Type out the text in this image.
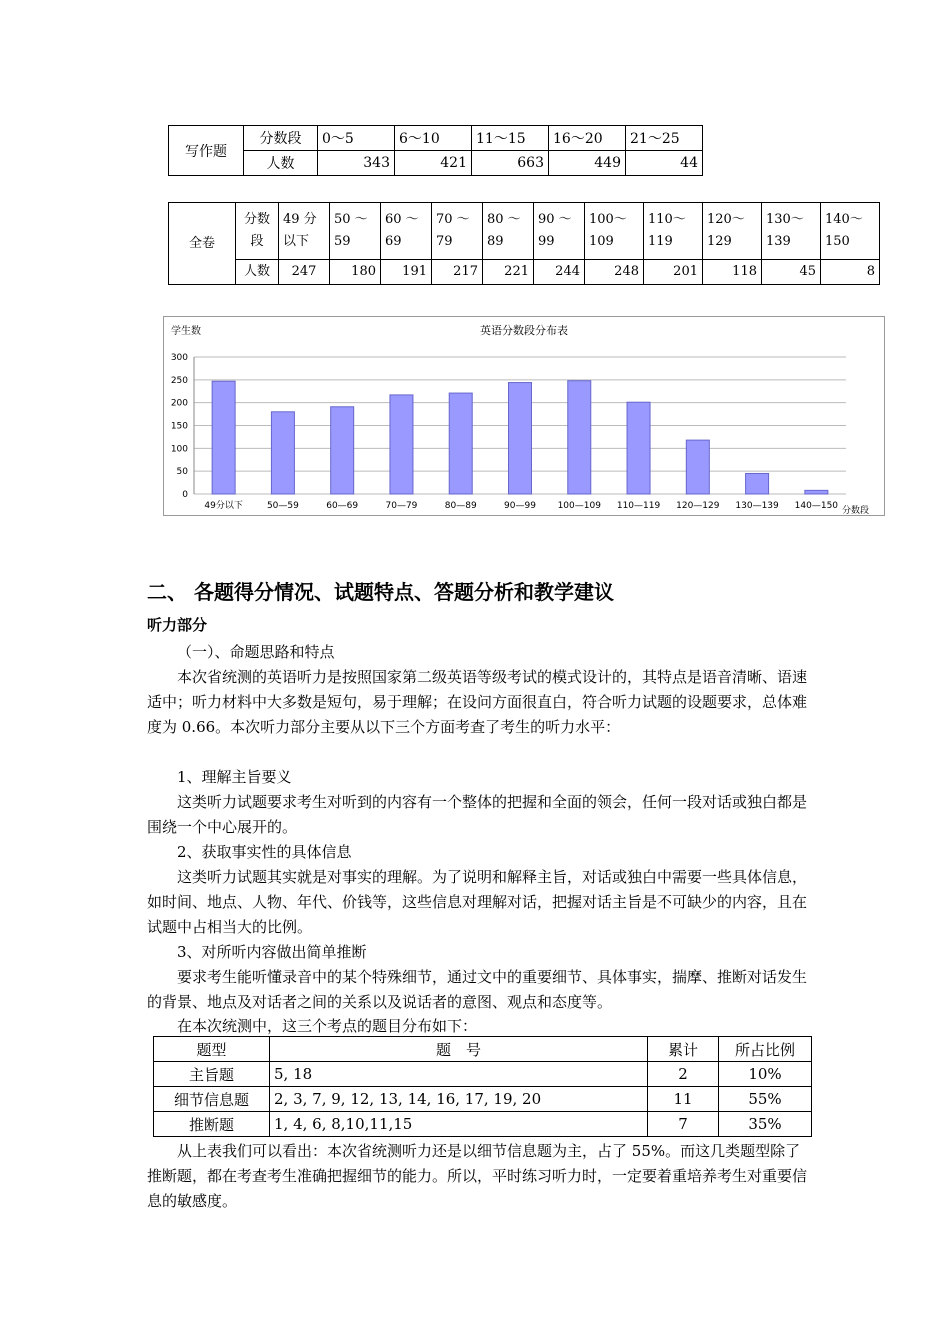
写作题	分数段	0～5	6～10	11～15	16～20	21～25
	人数	343	421	663	449	44
全卷	分数段	49 分以下	50 ～59	60 ～69	70 ～79	80 ～89	90 ～99	100～109	110～119	120～129	130～139	140～150
	人数	247	180	191	217	221	244	248	201	118	45	8
学生数	英语分数段分布表
分数段
0
50
100
150
200
250
300
49分以下	50—59	60—69	70—79	80—89	90—99 100—109 110—119 120—129 130—139 140—150
二、 各题得分情况、试题特点、答题分析和教学建议
听力部分
（一）、命题思路和特点

本次省统测的英语听力是按照国家第二级英语等级考试的模式设计的，其特点是语音清晰、语速适中；听力材料中大多数是短句，易于理解；在设问方面很直白，符合听力试题的设题要求，总体难度为 0.66。本次听力部分主要从以下三个方面考查了考生的听力水平：

1、理解主旨要义

这类听力试题要求考生对听到的内容有一个整体的把握和全面的领会，任何一段对话或独白都是围绕一个中心展开的。

2、获取事实性的具体信息

这类听力试题其实就是对事实的理解。为了说明和解释主旨，对话或独白中需要一些具体信息，如时间、地点、人物、年代、价钱等，这些信息对理解对话，把握对话主旨是不可缺少的内容，且在试题中占相当大的比例。

3、对所听内容做出简单推断

要求考生能听懂录音中的某个特殊细节，通过文中的重要细节、具体事实，揣摩、推断对话发生的背景、地点及对话者之间的关系以及说话者的意图、观点和态度等。

在本次统测中，这三个考点的题目分布如下：
题型	题　号	累计	所占比例
主旨题	5, 18	2	10%
细节信息题	2, 3, 7, 9, 12, 13, 14, 16, 17, 19, 20	11	55%
推断题	1, 4, 6, 8,10,11,15	7	35%

从上表我们可以看出：本次省统测听力还是以细节信息题为主，占了 55%。而这几类题型除了推断题，都在考查考生准确把握细节的能力。所以，平时练习听力时，一定要着重培养考生对重要信息的敏感度。
